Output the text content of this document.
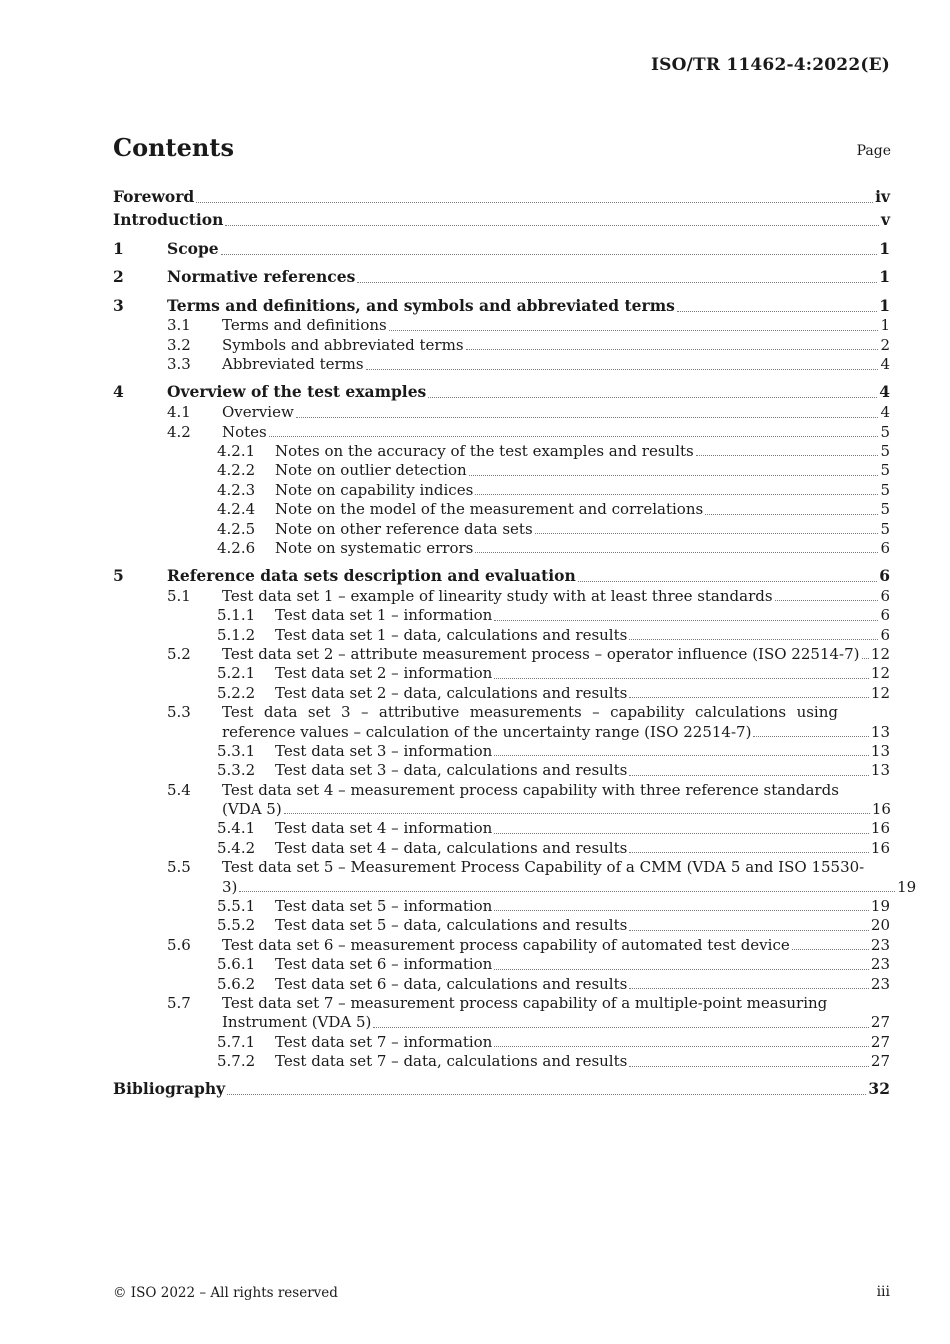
ISO/TR 11462-4:2022(E)
Contents	Page
Foreword	iv
Introduction	v
1	Scope	1
2	Normative references	1
3	Terms and definitions, and symbols and abbreviated terms	1
3.1	Terms and definitions	1
3.2	Symbols and abbreviated terms	2
3.3	Abbreviated terms	4
4	Overview of the test examples	4
4.1	Overview	4
4.2	Notes	5
4.2.1	Notes on the accuracy of the test examples and results	5
4.2.2	Note on outlier detection	5
4.2.3	Note on capability indices	5
4.2.4	Note on the model of the measurement and correlations	5
4.2.5	Note on other reference data sets	5
4.2.6	Note on systematic errors	6
5	Reference data sets description and evaluation	6
5.1	Test data set 1 – example of linearity study with at least three standards	6
5.1.1	Test data set 1 – information	6
5.1.2	Test data set 1 – data, calculations and results	6
5.2	Test data set 2 – attribute measurement process – operator influence (ISO 22514-7) 12
5.2.1	Test data set 2 – information	12
5.2.2	Test data set 2 – data, calculations and results	12
5.3	Test data set 3 – attributive measurements – capability calculations using
reference values – calculation of the uncertainty range (ISO 22514-7)	13
5.3.1	Test data set 3 – information	13
5.3.2	Test data set 3 – data, calculations and results	13
5.4	Test data set 4 – measurement process capability with three reference standards
(VDA 5)	16
5.4.1	Test data set 4 – information	16
5.4.2	Test data set 4 – data, calculations and results	16
5.5	Test data set 5 – Measurement Process Capability of a CMM (VDA 5 and ISO 15530-
3)	19
5.5.1	Test data set 5 – information	19
5.5.2	Test data set 5 – data, calculations and results	20
5.6	Test data set 6 – measurement process capability of automated test device	23
5.6.1	Test data set 6 – information	23
5.6.2	Test data set 6 – data, calculations and results	23
5.7	Test data set 7 – measurement process capability of a multiple-point measuring
Instrument (VDA 5)	27
5.7.1	Test data set 7 – information	27
5.7.2	Test data set 7 – data, calculations and results	27
Bibliography	32
© ISO 2022 – All rights reserved	iii
